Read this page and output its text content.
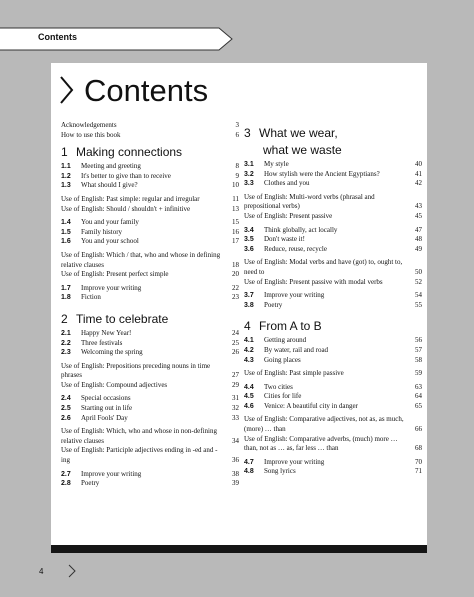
Contents
Contents
Acknowledgements	3
How to use this book	6
1 Making connections
1.1	Meeting and greeting	8
1.2	It's better to give than to receive	9
1.3	What should I give?	10
Use of English: Past simple: regular and irregular	11
Use of English: Should / shouldn't + infinitive	13
1.4	You and your family	15
1.5	Family history	16
1.6	You and your school	17
Use of English: Which / that, who and whose in defining relative clauses	18
Use of English: Present perfect simple	20
1.7	Improve your writing	22
1.8	Fiction	23
2 Time to celebrate
2.1	Happy New Year!	24
2.2	Three festivals	25
2.3	Welcoming the spring	26
Use of English: Prepositions preceding nouns in time phrases	27
Use of English: Compound adjectives	29
2.4	Special occasions	31
2.5	Starting out in life	32
2.6	April Fools' Day	33
Use of English: Which, who and whose in non-defining relative clauses	34
Use of English: Participle adjectives ending in -ed and -ing	36
2.7	Improve your writing	38
2.8	Poetry	39
3 What we wear,
what we waste
3.1	My style	40
3.2	How stylish were the Ancient Egyptians?	41
3.3	Clothes and you	42
Use of English: Multi-word verbs (phrasal and prepositional verbs)	43
Use of English: Present passive	45
3.4	Think globally, act locally	47
3.5	Don't waste it!	48
3.6	Reduce, reuse, recycle	49
Use of English: Modal verbs and have (got) to, ought to, need to	50
Use of English: Present passive with modal verbs	52
3.7	Improve your writing	54
3.8	Poetry	55
4 From A to B
4.1	Getting around	56
4.2	By water, rail and road	57
4.3	Going places	58
Use of English: Past simple passive	59
4.4	Two cities	63
4.5	Cities for life	64
4.6	Venice: A beautiful city in danger	65
Use of English: Comparative adjectives, not as, as much, (more) … than	66
Use of English: Comparative adverbs, (much) more … than, not as … as, far less … than	68
4.7	Improve your writing	70
4.8	Song lyrics	71
4
